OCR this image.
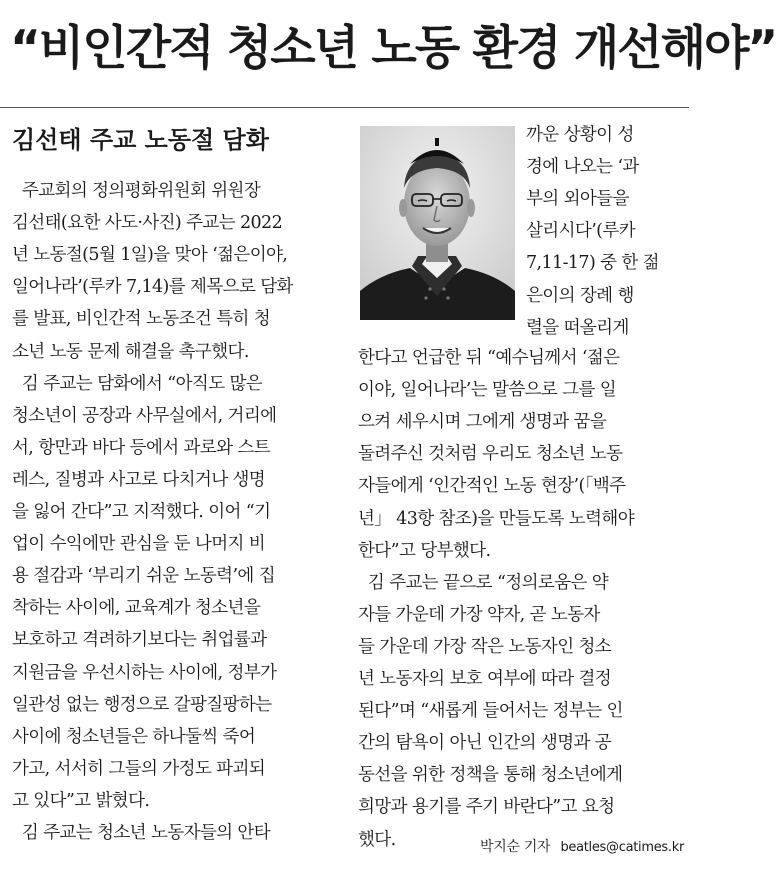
“비인간적 청소년 노동 환경 개선해야”
김선태 주교 노동절 담화
주교회의 정의평화위원회 위원장
김선태(요한 사도·사진) 주교는 2022
년 노동절(5월 1일)을 맞아 ‘젊은이야,
일어나라’(루카 7,14)를 제목으로 담화
를 발표, 비인간적 노동조건 특히 청
소년 노동 문제 해결을 촉구했다.
김 주교는 담화에서 “아직도 많은
청소년이 공장과 사무실에서, 거리에
서, 항만과 바다 등에서 과로와 스트
레스, 질병과 사고로 다치거나 생명
을 잃어 간다”고 지적했다. 이어 “기
업이 수익에만 관심을 둔 나머지 비
용 절감과 ‘부리기 쉬운 노동력’에 집
착하는 사이에, 교육계가 청소년을
보호하고 격려하기보다는 취업률과
지원금을 우선시하는 사이에, 정부가
일관성 없는 행정으로 갈팡질팡하는
사이에 청소년들은 하나둘씩 죽어
가고, 서서히 그들의 가정도 파괴되
고 있다”고 밝혔다.
김 주교는 청소년 노동자들의 안타
까운 상황이 성
경에 나오는 ‘과
부의 외아들을
살리시다’(루카
7,11-17) 중 한 젊
은이의 장례 행
렬을 떠올리게
한다고 언급한 뒤 “예수님께서 ‘젊은
이야, 일어나라’는 말씀으로 그를 일
으켜 세우시며 그에게 생명과 꿈을
돌려주신 것처럼 우리도 청소년 노동
자들에게 ‘인간적인 노동 현장’(「백주
년」 43항 참조)을 만들도록 노력해야
한다”고 당부했다.
김 주교는 끝으로 “정의로움은 약
자들 가운데 가장 약자, 곧 노동자
들 가운데 가장 작은 노동자인 청소
년 노동자의 보호 여부에 따라 결정
된다”며 “새롭게 들어서는 정부는 인
간의 탐욕이 아닌 인간의 생명과 공
동선을 위한 정책을 통해 청소년에게
희망과 용기를 주기 바란다”고 요청
했다.	박지순 기자 beatles@catimes.kr
